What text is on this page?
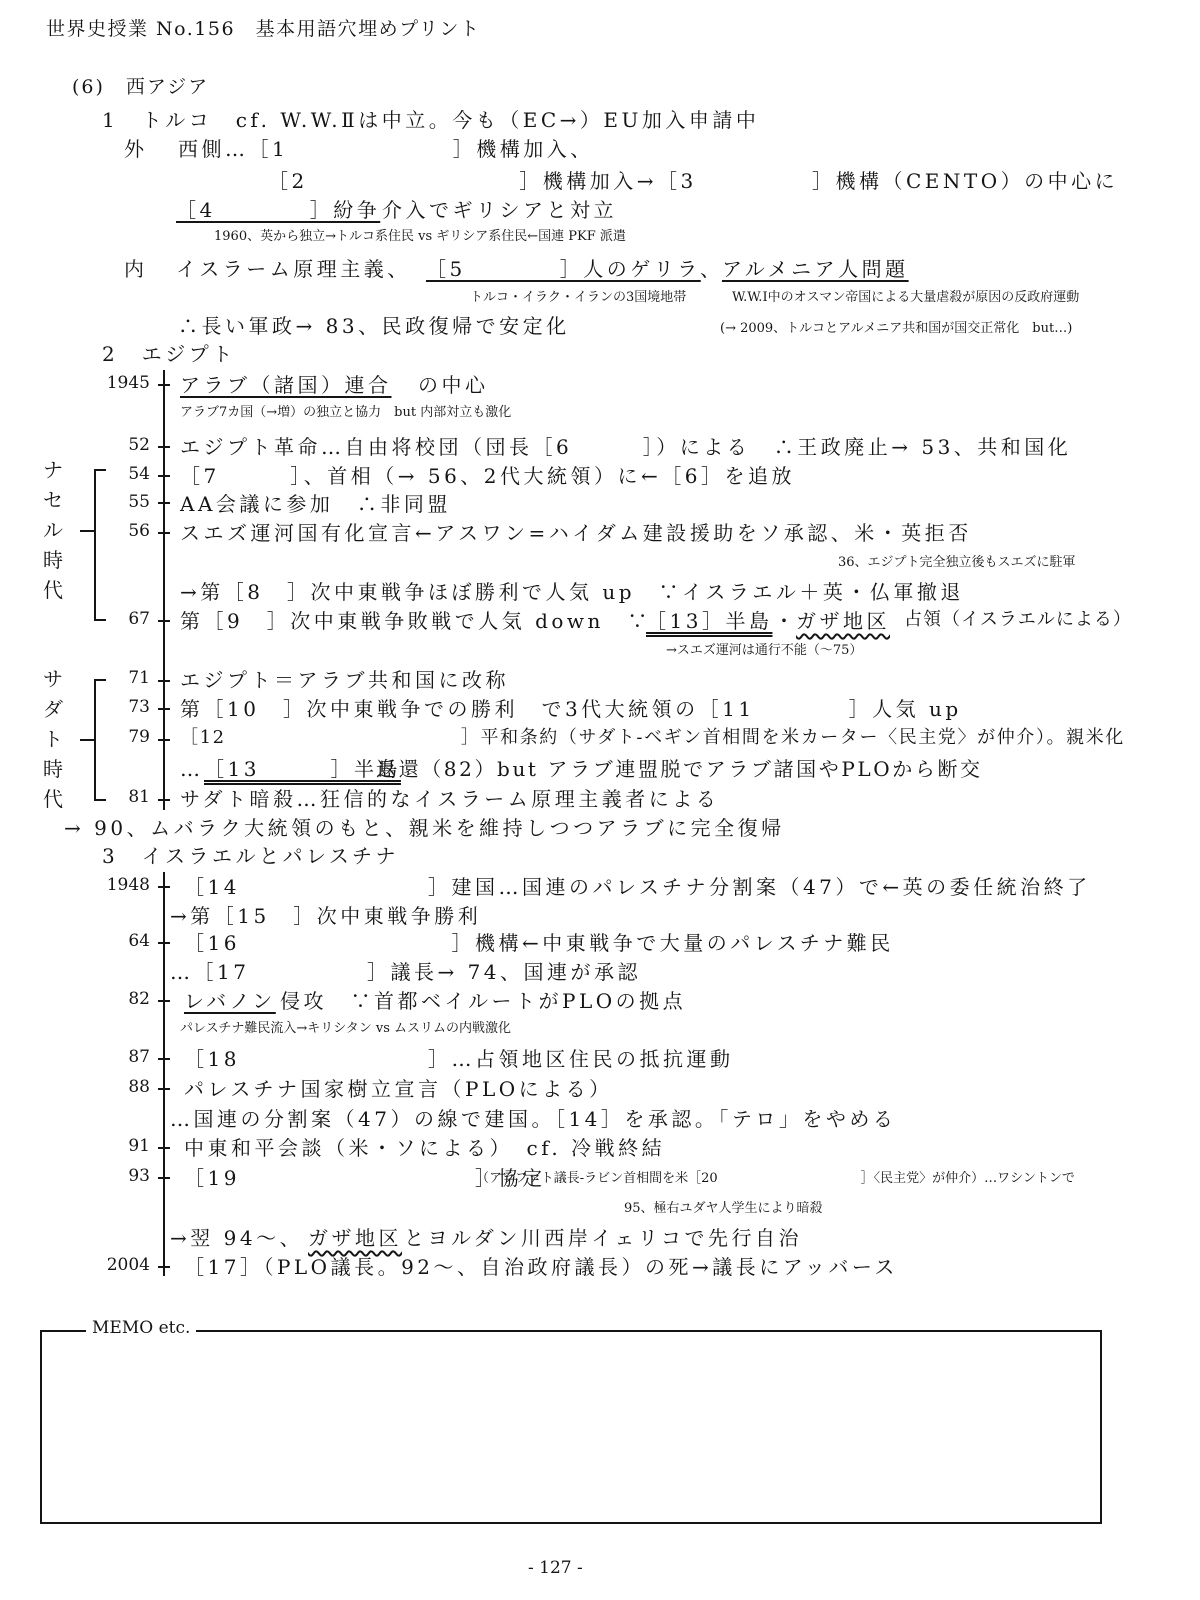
世界史授業 No.156　基本用語穴埋めプリント
(6)　西アジア
1　トルコ　cf. W.W.Ⅱは中立。今も（EC→）EU加入申請中
外 西側…［1　　　　　　　］機構加入、
［2　　　　　　　　　］機構加入→［3	］機構（CENTO）の中心に
［4　　　　］紛争 介入でギリシアと対立
1960、英から独立→トルコ系住民 vs ギリシア系住民←国連 PKF 派遣
内 イスラーム原理主義、 ［5　　　　］人のゲリラ 、
アルメニア人問題
トルコ・イラク・イランの3国境地帯	W.W.Ⅰ中のオスマン帝国による大量虐殺が原因の反政府運動
∴長い軍政→ 83、民政復帰で安定化	(→ 2009、トルコとアルメニア共和国が国交正常化　but…)
2　エジプト
ナ
セ
ル
時
代
サ
ダ
ト
時
代
1945 アラブ（諸国）連合 の中心
アラブ7カ国（→増）の独立と協力　but 内部対立も激化
52 エジプト革命…自由将校団（団長［6　　　］）による　∴王政廃止→ 53、共和国化
54 ［7　　　］、首相（→ 56、2代大統領）に←［6］を追放
55 AA会議に参加　∴非同盟
56 スエズ運河国有化宣言←アスワン=ハイダム建設援助をソ承認、米・英拒否
36、エジプト完全独立後もスエズに駐軍
→第［8　］次中東戦争ほぼ勝利で人気 up　∵イスラエル＋英・仏軍撤退
67 第［9　］次中東戦争敗戦で人気 down　∵
［13］半島 ・
ガザ地区 占領（イスラエルによる）
→スエズ運河は通行不能（～75）
71 エジプト＝アラブ共和国に改称
73 第［10　］次中東戦争での勝利　で3代大統領の［11　　　　］人気 up
79 ［12　　　　　　　　　　　　］平和条約（サダト-ベギン首相間を米カーター〈民主党〉が仲介）。親米化
… ［13　　　］半島
返還（82）but アラブ連盟脱でアラブ諸国やPLOから断交
81 サダト暗殺…狂信的なイスラーム原理主義者による
→ 90、ムバラク大統領のもと、親米を維持しつつアラブに完全復帰
3　イスラエルとパレスチナ
1948 ［14　　　　　　　　］建国…国連のパレスチナ分割案（47）で←英の委任統治終了
→第［15　］次中東戦争勝利
64 ［16　　　　　　　　　］機構←中東戦争で大量のパレスチナ難民
…［17　　　　　］議長→ 74、国連が承認
82 レバノン 侵攻　∵首都ベイルートがPLOの拠点
パレスチナ難民流入→キリシタン vs ムスリムの内戦激化
87 ［18　　　　　　　　］…占領地区住民の抵抗運動
88 パレスチナ国家樹立宣言（PLOによる）
…国連の分割案（47）の線で建国。［14］を承認。「テロ」をやめる
91 中東和平会談（米・ソによる）　cf. 冷戦終結
93 ［19　　　　　　　　　　］協定
（アラファト議長-ラビン首相間を米［20　　　　　　　　　　　］〈民主党〉が仲介）…ワシントンで
95、極右ユダヤ人学生により暗殺
→翌 94～、 ガザ地区 とヨルダン川西岸イェリコで先行自治
2004 ［17］（PLO議長。92～、自治政府議長）の死→議長にアッバース
MEMO etc.
- 127 -
